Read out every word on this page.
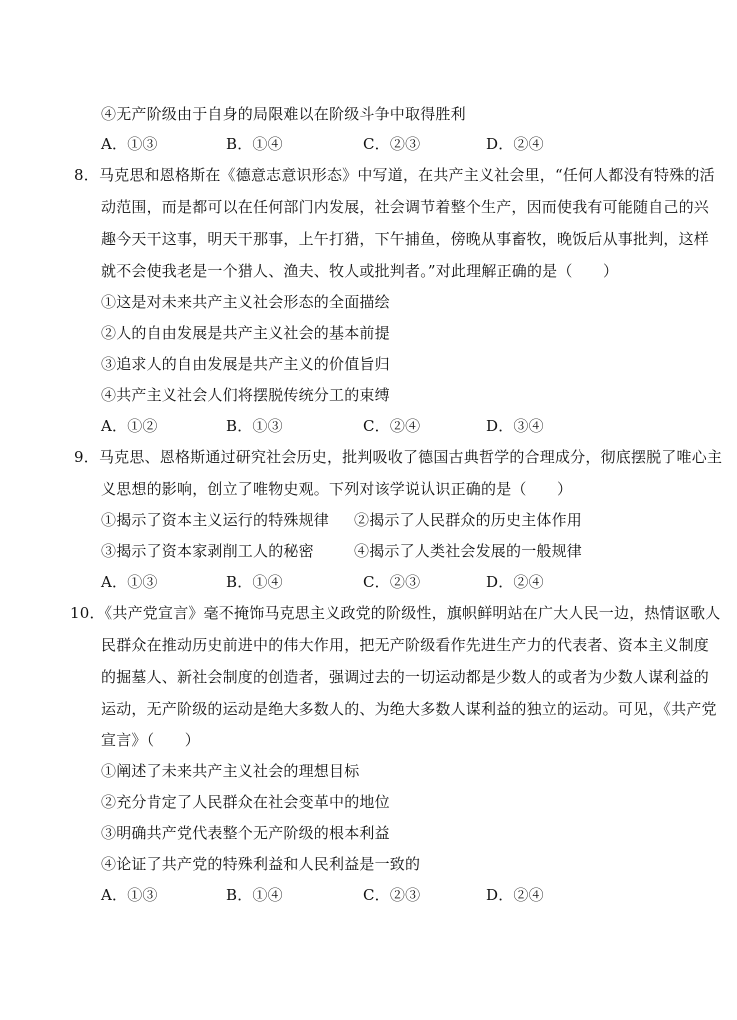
④无产阶级由于自身的局限难以在阶级斗争中取得胜利
A．①③	B．①④	C．②③	D．②④
8．马克思和恩格斯在《德意志意识形态》中写道，在共产主义社会里，“任何人都没有特殊的活
动范围，而是都可以在任何部门内发展，社会调节着整个生产，因而使我有可能随自己的兴
趣今天干这事，明天干那事，上午打猎，下午捕鱼，傍晚从事畜牧，晚饭后从事批判，这样
就不会使我老是一个猎人、渔夫、牧人或批判者。”对此理解正确的是（　　）
①这是对未来共产主义社会形态的全面描绘
②人的自由发展是共产主义社会的基本前提
③追求人的自由发展是共产主义的价值旨归
④共产主义社会人们将摆脱传统分工的束缚
A．①②	B．①③	C．②④	D．③④
9．马克思、恩格斯通过研究社会历史，批判吸收了德国古典哲学的合理成分，彻底摆脱了唯心主
义思想的影响，创立了唯物史观。下列对该学说认识正确的是（　　）
①揭示了资本主义运行的特殊规律 ②揭示了人民群众的历史主体作用
③揭示了资本家剥削工人的秘密	④揭示了人类社会发展的一般规律
A．①③	B．①④	C．②③	D．②④
10．《共产党宣言》毫不掩饰马克思主义政党的阶级性，旗帜鲜明站在广大人民一边，热情讴歌人
民群众在推动历史前进中的伟大作用，把无产阶级看作先进生产力的代表者、资本主义制度
的掘墓人、新社会制度的创造者，强调过去的一切运动都是少数人的或者为少数人谋利益的
运动，无产阶级的运动是绝大多数人的、为绝大多数人谋利益的独立的运动。可见，《共产党
宣言》（　　）
①阐述了未来共产主义社会的理想目标
②充分肯定了人民群众在社会变革中的地位
③明确共产党代表整个无产阶级的根本利益
④论证了共产党的特殊利益和人民利益是一致的
A．①③	B．①④	C．②③	D．②④
